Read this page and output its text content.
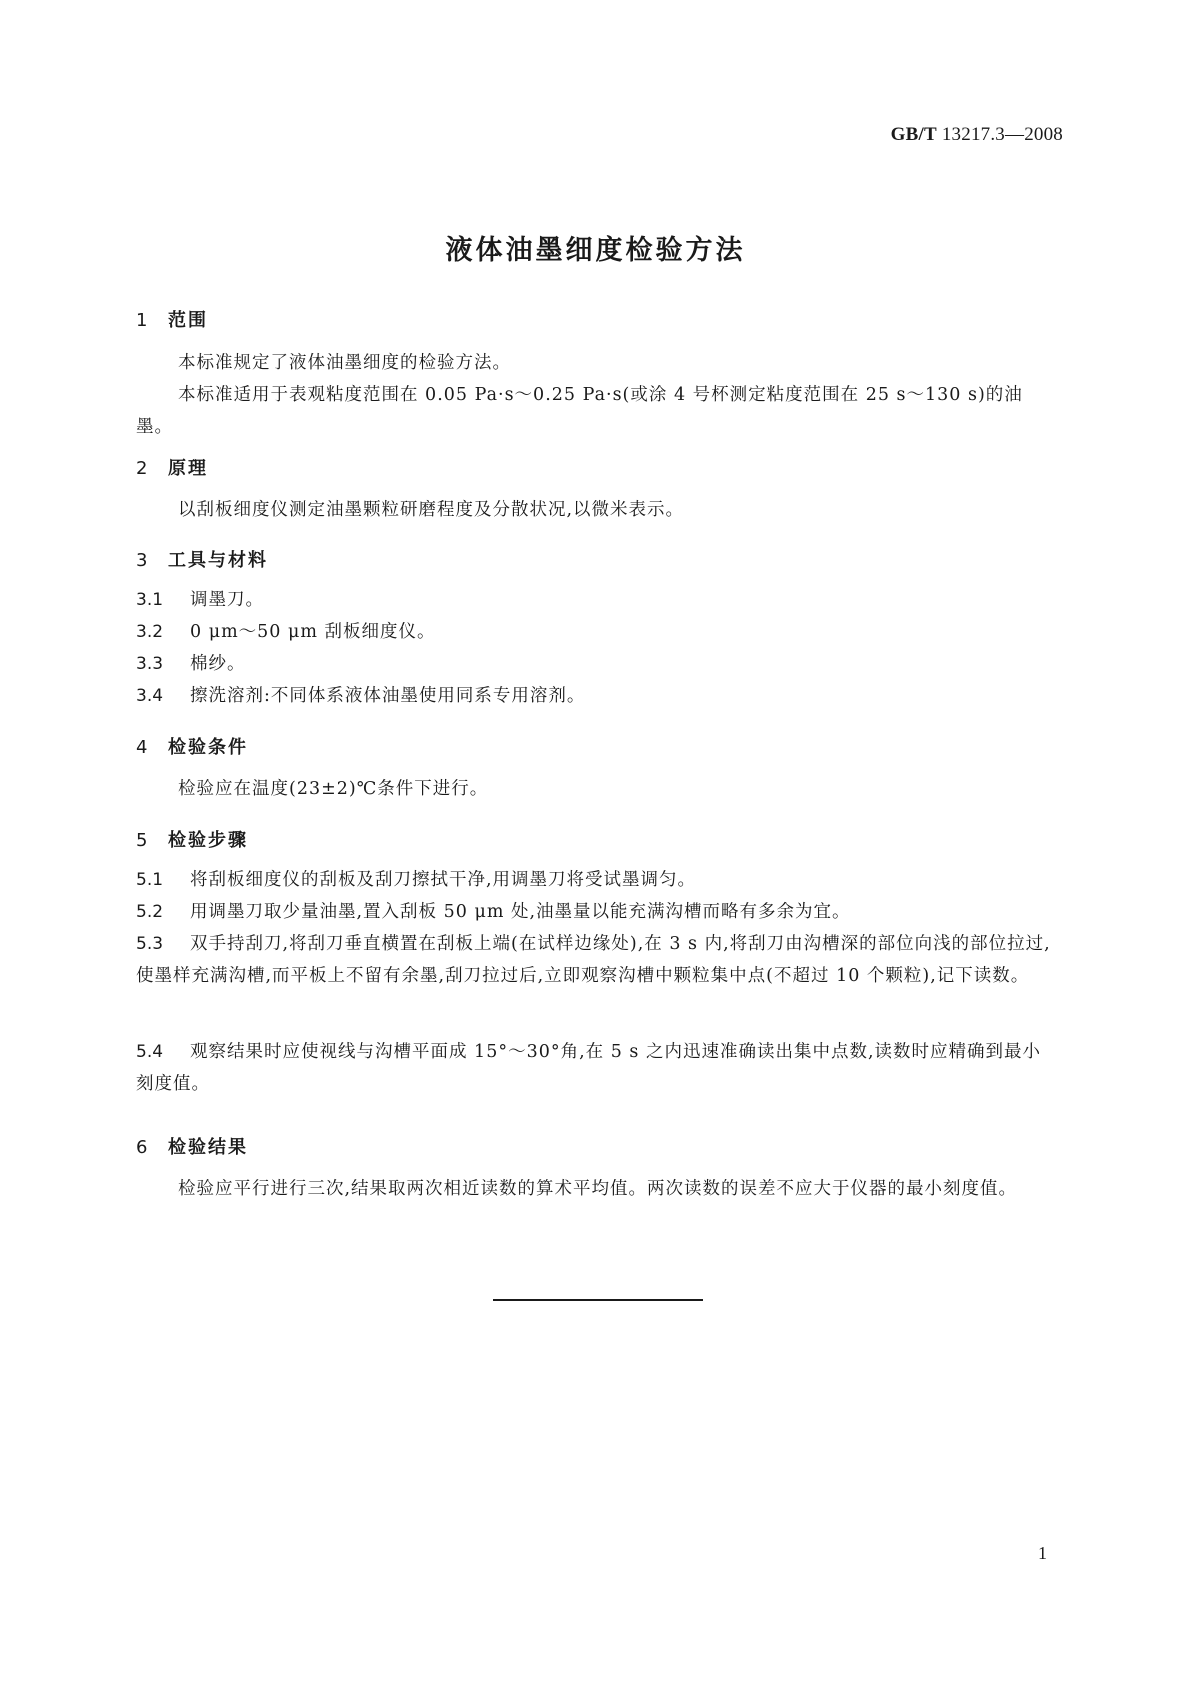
GB/T 13217.3—2008
液体油墨细度检验方法
1 范围
本标准规定了液体油墨细度的检验方法。
本标准适用于表观粘度范围在 0.05 Pa·s～0.25 Pa·s(或涂 4 号杯测定粘度范围在 25 s～130 s)的油墨。
2 原理
以刮板细度仪测定油墨颗粒研磨程度及分散状况,以微米表示。
3 工具与材料
3.1 调墨刀。
3.2 0 μm～50 μm 刮板细度仪。
3.3 棉纱。
3.4 擦洗溶剂:不同体系液体油墨使用同系专用溶剂。
4 检验条件
检验应在温度(23±2)℃条件下进行。
5 检验步骤
5.1 将刮板细度仪的刮板及刮刀擦拭干净,用调墨刀将受试墨调匀。
5.2 用调墨刀取少量油墨,置入刮板 50 μm 处,油墨量以能充满沟槽而略有多余为宜。
5.3 双手持刮刀,将刮刀垂直横置在刮板上端(在试样边缘处),在 3 s 内,将刮刀由沟槽深的部位向浅的部位拉过,使墨样充满沟槽,而平板上不留有余墨,刮刀拉过后,立即观察沟槽中颗粒集中点(不超过 10 个颗粒),记下读数。
5.4 观察结果时应使视线与沟槽平面成 15°～30°角,在 5 s 之内迅速准确读出集中点数,读数时应精确到最小刻度值。
6 检验结果
检验应平行进行三次,结果取两次相近读数的算术平均值。两次读数的误差不应大于仪器的最小刻度值。
1
